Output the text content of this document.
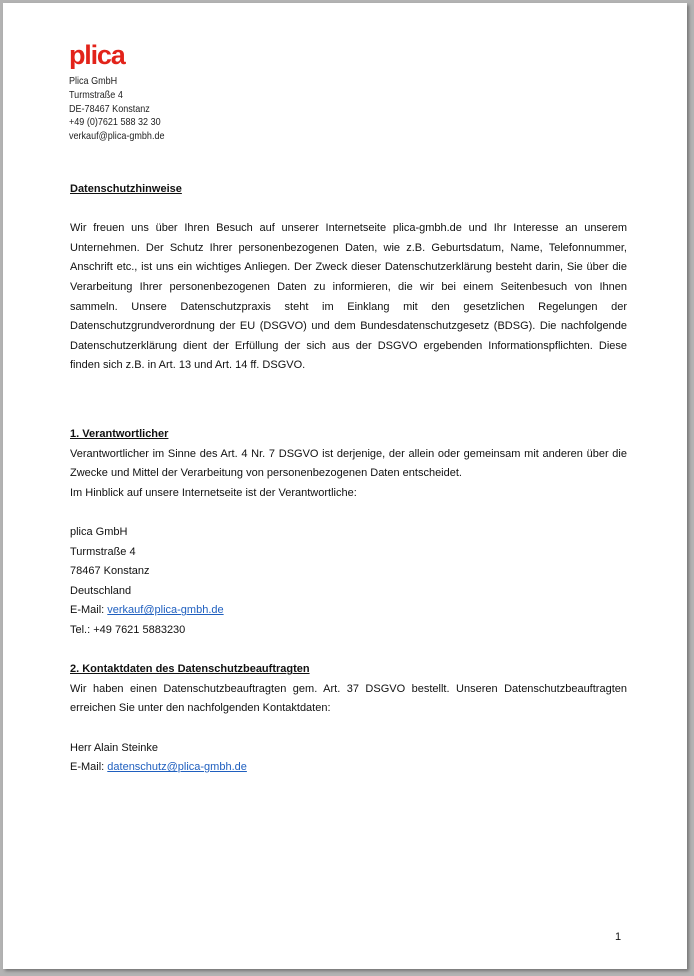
plica
Plica GmbH
Turmstraße 4
DE-78467 Konstanz
+49 (0)7621 588 32 30
verkauf@plica-gmbh.de
Datenschutzhinweise

Wir freuen uns über Ihren Besuch auf unserer Internetseite plica-gmbh.de und Ihr Interesse an unserem Unternehmen. Der Schutz Ihrer personenbezogenen Daten, wie z.B. Geburtsdatum, Name, Telefonnummer, Anschrift etc., ist uns ein wichtiges Anliegen. Der Zweck dieser Datenschutzerklärung besteht darin, Sie über die Verarbeitung Ihrer personenbezogenen Daten zu informieren, die wir bei einem Seitenbesuch von Ihnen sammeln. Unsere Datenschutzpraxis steht im Einklang mit den gesetzlichen Regelungen der Datenschutzgrundverordnung der EU (DSGVO) und dem Bundesdatenschutzgesetz (BDSG). Die nachfolgende Datenschutzerklärung dient der Erfüllung der sich aus der DSGVO ergebenden Informationspflichten. Diese finden sich z.B. in Art. 13 und Art. 14 ff. DSGVO.

1. Verantwortlicher

Verantwortlicher im Sinne des Art. 4 Nr. 7 DSGVO ist derjenige, der allein oder gemeinsam mit anderen über die Zwecke und Mittel der Verarbeitung von personenbezogenen Daten entscheidet.

Im Hinblick auf unsere Internetseite ist der Verantwortliche:

plica GmbH
Turmstraße 4
78467 Konstanz
Deutschland
E-Mail: verkauf@plica-gmbh.de
Tel.: +49 7621 5883230
2. Kontaktdaten des Datenschutzbeauftragten

Wir haben einen Datenschutzbeauftragten gem. Art. 37 DSGVO bestellt. Unseren Datenschutzbeauftragten erreichen Sie unter den nachfolgenden Kontaktdaten:

Herr Alain Steinke
E-Mail: datenschutz@plica-gmbh.de
1
